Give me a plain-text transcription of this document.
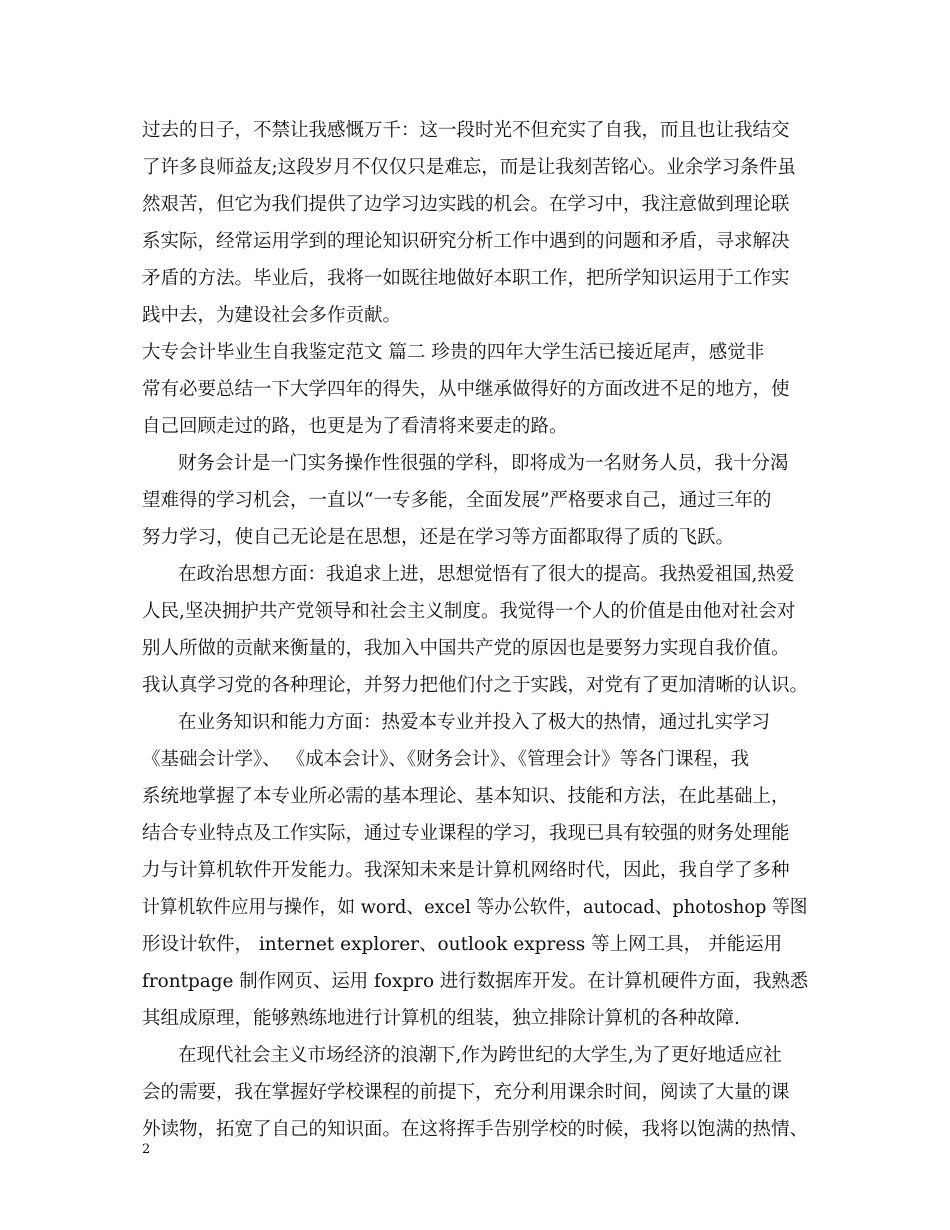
过去的日子，不禁让我感慨万千：这一段时光不但充实了自我，而且也让我结交
了许多良师益友;这段岁月不仅仅只是难忘，而是让我刻苦铭心。业余学习条件虽
然艰苦，但它为我们提供了边学习边实践的机会。在学习中，我注意做到理论联
系实际，经常运用学到的理论知识研究分析工作中遇到的问题和矛盾，寻求解决
矛盾的方法。毕业后，我将一如既往地做好本职工作，把所学知识运用于工作实
践中去，为建设社会多作贡献。
大专会计毕业生自我鉴定范文 篇二 珍贵的四年大学生活已接近尾声，感觉非
常有必要总结一下大学四年的得失，从中继承做得好的方面改进不足的地方，使
自己回顾走过的路，也更是为了看清将来要走的路。
财务会计是一门实务操作性很强的学科，即将成为一名财务人员，我十分渴
望难得的学习机会，一直以“一专多能，全面发展”严格要求自己，通过三年的
努力学习，使自己无论是在思想，还是在学习等方面都取得了质的飞跃。
在政治思想方面：我追求上进，思想觉悟有了很大的提高。我热爱祖国,热爱
人民,坚决拥护共产党领导和社会主义制度。我觉得一个人的价值是由他对社会对
别人所做的贡献来衡量的，我加入中国共产党的原因也是要努力实现自我价值。
我认真学习党的各种理论，并努力把他们付之于实践，对党有了更加清晰的认识。
在业务知识和能力方面：热爱本专业并投入了极大的热情，通过扎实学习
《基础会计学》、 《成本会计》、《财务会计》、《管理会计》等各门课程，我
系统地掌握了本专业所必需的基本理论、基本知识、技能和方法，在此基础上，
结合专业特点及工作实际，通过专业课程的学习，我现已具有较强的财务处理能
力与计算机软件开发能力。我深知未来是计算机网络时代，因此，我自学了多种
计算机软件应用与操作，如 word、excel 等办公软件，autocad、photoshop 等图
形设计软件， internet explorer、outlook express 等上网工具， 并能运用
frontpage 制作网页、运用 foxpro 进行数据库开发。在计算机硬件方面，我熟悉
其组成原理，能够熟练地进行计算机的组装，独立排除计算机的各种故障.
在现代社会主义市场经济的浪潮下,作为跨世纪的大学生,为了更好地适应社
会的需要，我在掌握好学校课程的前提下，充分利用课余时间，阅读了大量的课
外读物，拓宽了自己的知识面。在这将挥手告别学校的时候，我将以饱满的热情、
2
